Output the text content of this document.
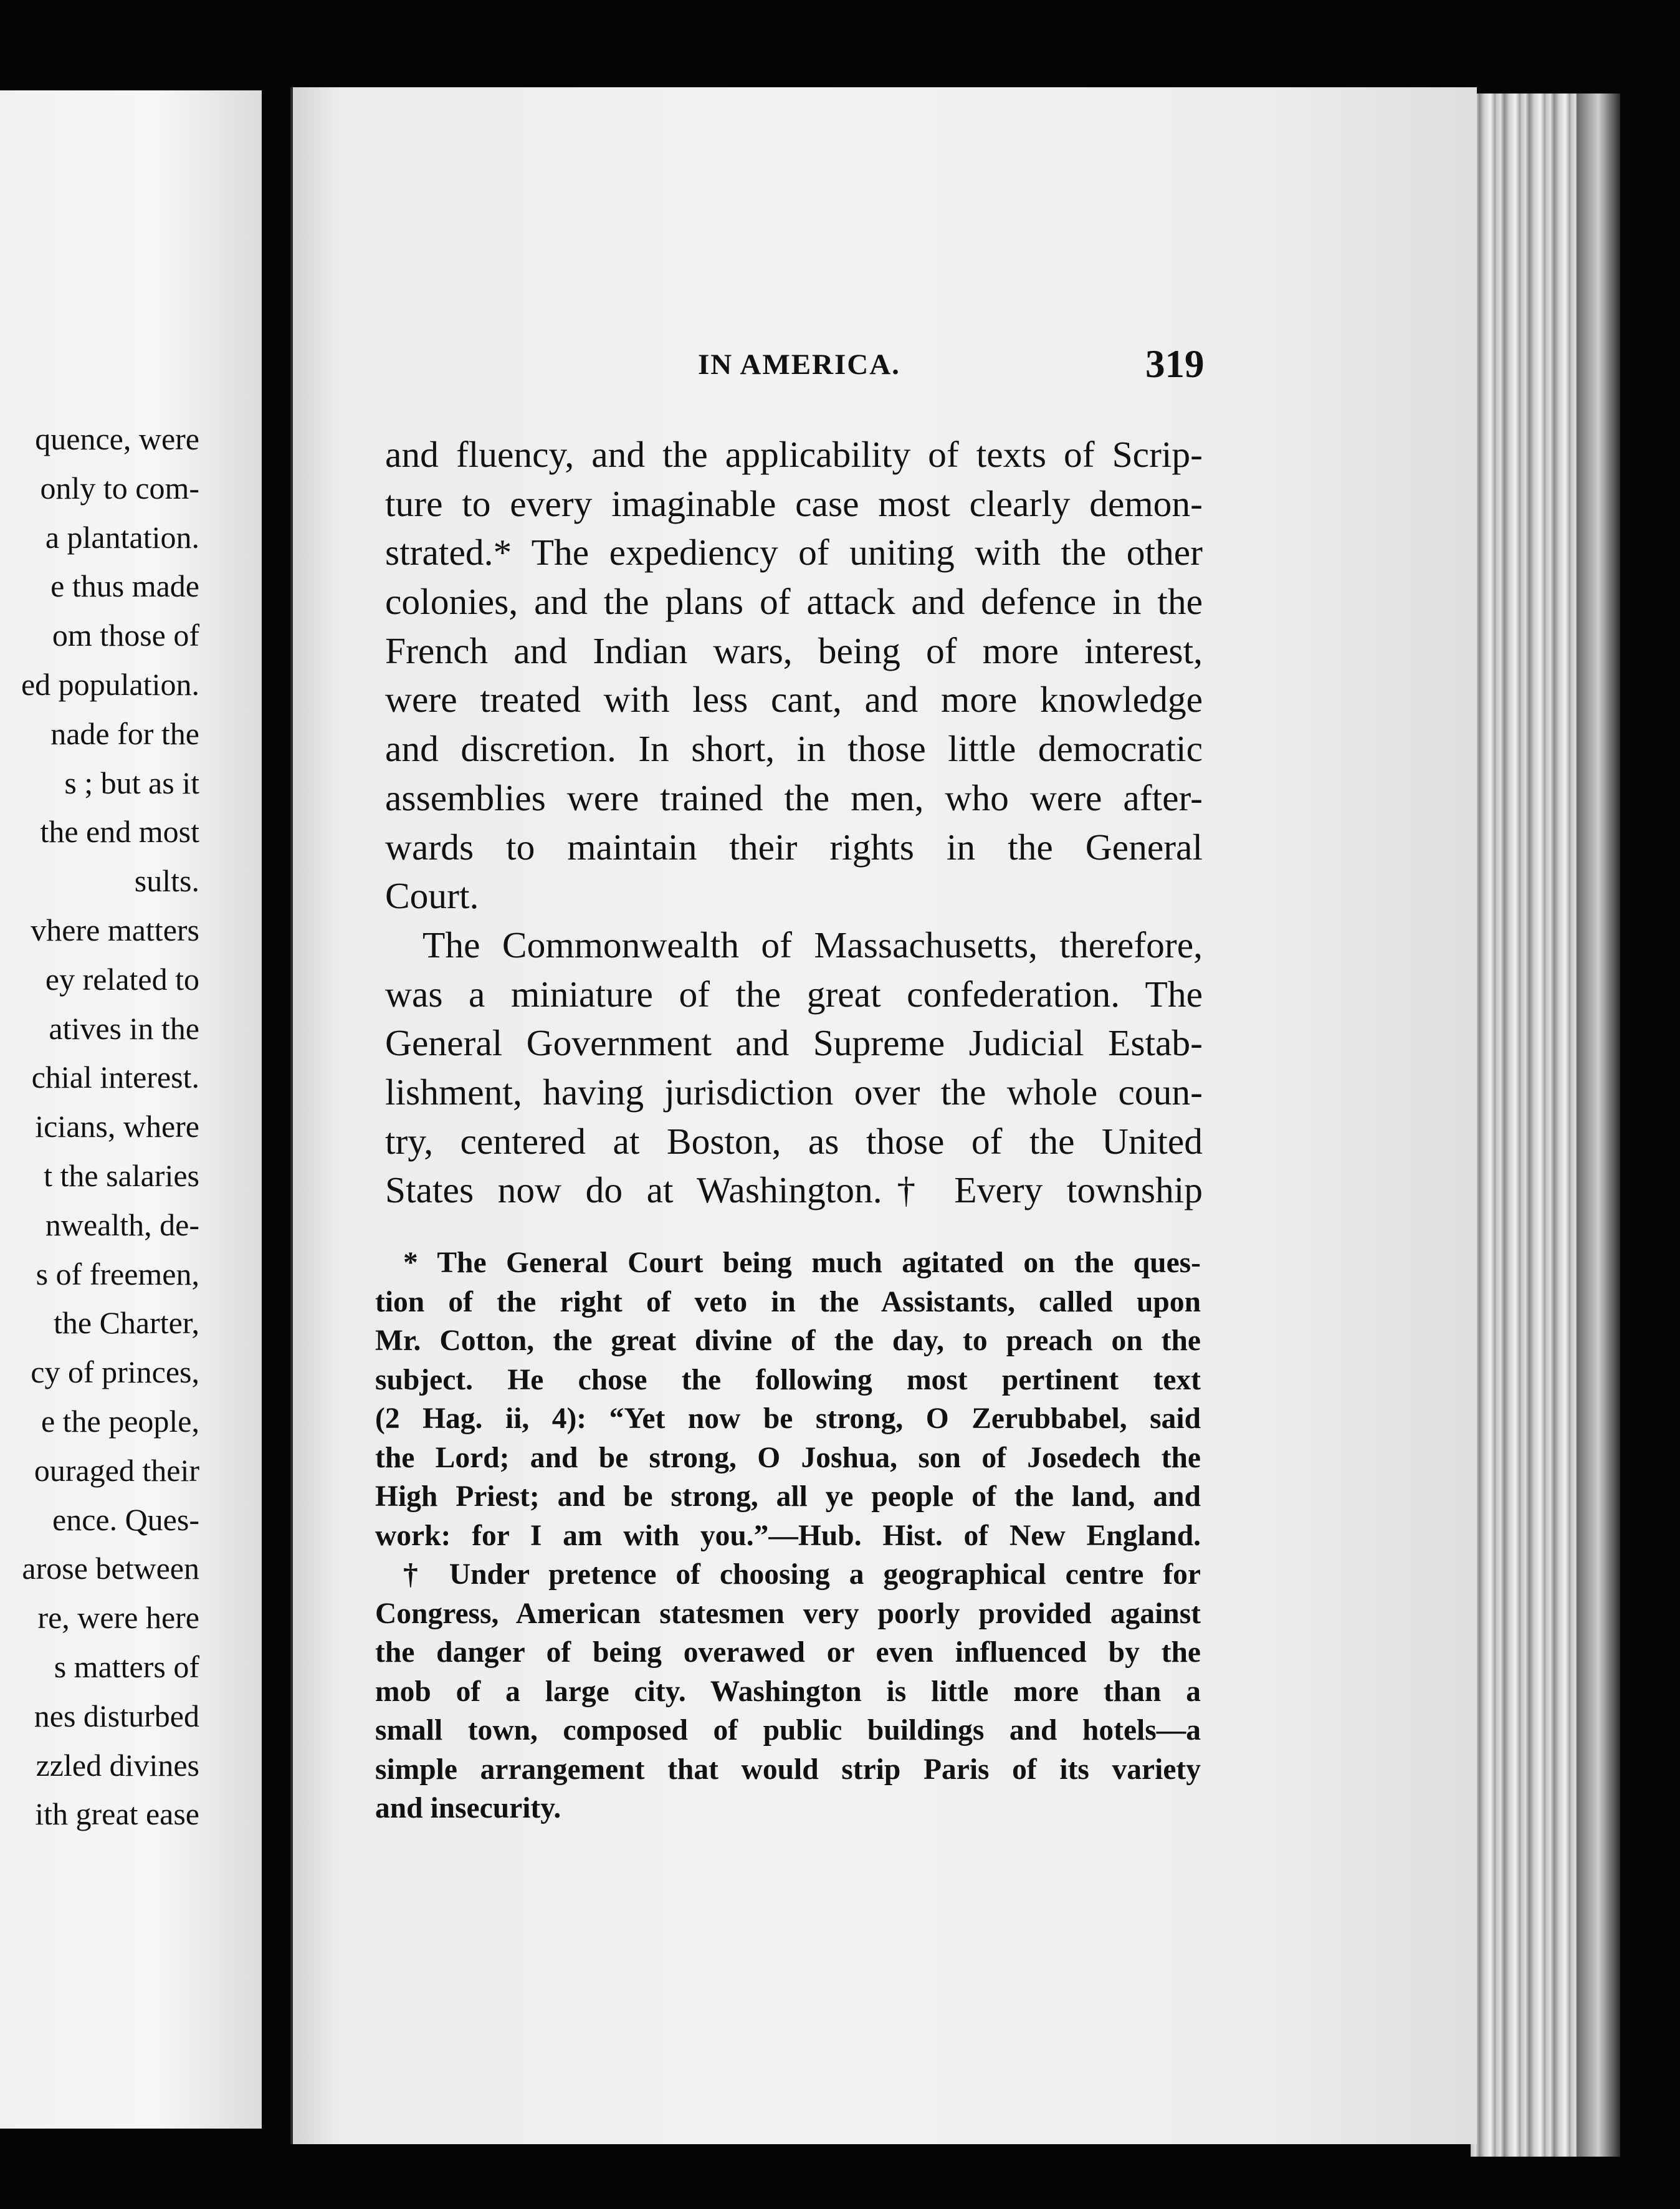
quence, were
only to com-
a plantation.
e thus made
om those of
ed population.
nade for the
s ; but as it
the end most
sults.
vhere matters
ey related to
atives in the
chial interest.
icians, where
t the salaries
nwealth, de-
s of freemen,
the Charter,
cy of princes,
e the people,
ouraged their
ence. Ques-
arose between
re, were here
s matters of
nes disturbed
zzled divines
ith great ease
IN AMERICA.	319
and fluency, and the applicability of texts of Scrip-
ture to every imaginable case most clearly demon-
strated.* The expediency of uniting with the other
colonies, and the plans of attack and defence in the
French and Indian wars, being of more interest,
were treated with less cant, and more knowledge
and discretion. In short, in those little democratic
assemblies were trained the men, who were after-
wards to maintain their rights in the General
Court.
The Commonwealth of Massachusetts, therefore,
was a miniature of the great confederation. The
General Government and Supreme Judicial Estab-
lishment, having jurisdiction over the whole coun-
try, centered at Boston, as those of the United
States now do at Washington.† Every township
* The General Court being much agitated on the ques-
tion of the right of veto in the Assistants, called upon
Mr. Cotton, the great divine of the day, to preach on the
subject. He chose the following most pertinent text
(2 Hag. ii, 4): “Yet now be strong, O Zerubbabel, said
the Lord; and be strong, O Joshua, son of Josedech the
High Priest; and be strong, all ye people of the land, and
work: for I am with you.”—Hub. Hist. of New England.
† Under pretence of choosing a geographical centre for
Congress, American statesmen very poorly provided against
the danger of being overawed or even influenced by the
mob of a large city. Washington is little more than a
small town, composed of public buildings and hotels—a
simple arrangement that would strip Paris of its variety
and insecurity.
